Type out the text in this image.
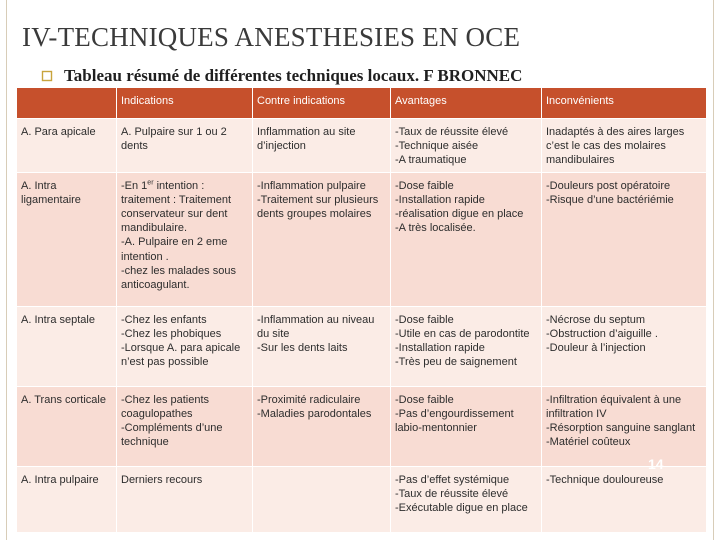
IV-TECHNIQUES ANESTHESIES EN OCE
Tableau résumé de différentes techniques locaux. F BRONNEC
	Indications	Contre indications	Avantages	Inconvénients
A. Para apicale	A. Pulpaire sur 1 ou 2 dents	Inflammation au site d’injection	-Taux de réussite élevé
-Technique aisée
-A traumatique	Inadaptés à des aires larges c’est le cas des molaires mandibulaires

A. Intra ligamentaire	-En 1er intention : traitement : Traitement conservateur sur dent mandibulaire.
-A. Pulpaire en 2 eme intention .
-chez les malades sous anticoagulant.	-Inflammation pulpaire
-Traitement sur plusieurs dents groupes molaires	-Dose faible
-Installation rapide
-réalisation digue en place
-A très localisée.	-Douleurs post opératoire
-Risque d’une bactériémie

A. Intra septale	-Chez les enfants
-Chez les phobiques
-Lorsque A. para apicale n’est pas possible	-Inflammation au niveau du site
-Sur les dents laits	-Dose faible
-Utile en cas de parodontite
-Installation rapide
-Très peu de saignement	-Nécrose du septum
-Obstruction d’aiguille .
-Douleur à l’injection

A. Trans corticale	-Chez les patients coagulopathes
-Compléments d’une technique	-Proximité radiculaire
-Maladies parodontales	-Dose faible
-Pas d’engourdissement labio-mentonnier	-Infiltration équivalent à une infiltration IV
-Résorption sanguine sanglant
-Matériel coûteux

A. Intra pulpaire	Derniers recours		-Pas d’effet systémique
-Taux de réussite élevé
-Exécutable digue en place	-Technique douloureuse
14
